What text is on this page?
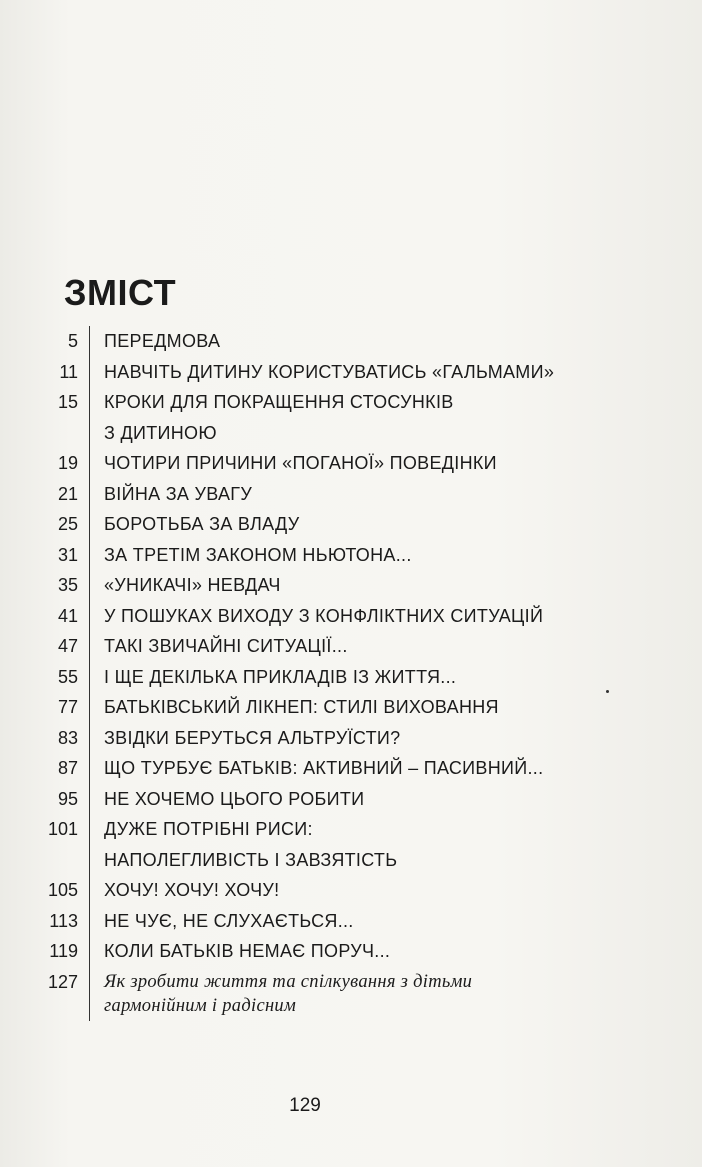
ЗМІСТ
5	ПЕРЕДМОВА
11	НАВЧІТЬ ДИТИНУ КОРИСТУВАТИСЬ «ГАЛЬМАМИ»
15	КРОКИ ДЛЯ ПОКРАЩЕННЯ СТОСУНКІВ
З ДИТИНОЮ
19	ЧОТИРИ ПРИЧИНИ «ПОГАНОЇ» ПОВЕДІНКИ
21	ВІЙНА ЗА УВАГУ
25	БОРОТЬБА ЗА ВЛАДУ
31	ЗА ТРЕТІМ ЗАКОНОМ НЬЮТОНА...
35	«УНИКАЧІ» НЕВДАЧ
41	У ПОШУКАХ ВИХОДУ З КОНФЛІКТНИХ СИТУАЦІЙ
47	ТАКІ ЗВИЧАЙНІ СИТУАЦІЇ...
55	І ЩЕ ДЕКІЛЬКА ПРИКЛАДІВ ІЗ ЖИТТЯ...
77	БАТЬКІВСЬКИЙ ЛІКНЕП: СТИЛІ ВИХОВАННЯ
83	ЗВІДКИ БЕРУТЬСЯ АЛЬТРУЇСТИ?
87	ЩО ТУРБУЄ БАТЬКІВ: АКТИВНИЙ – ПАСИВНИЙ...
95	НЕ ХОЧЕМО ЦЬОГО РОБИТИ
101	ДУЖЕ ПОТРІБНІ РИСИ:
НАПОЛЕГЛИВІСТЬ І ЗАВЗЯТІСТЬ
105	ХОЧУ! ХОЧУ! ХОЧУ!
113	НЕ ЧУЄ, НЕ СЛУХАЄТЬСЯ...
119	КОЛИ БАТЬКІВ НЕМАЄ ПОРУЧ...
127	Як зробити життя та спілкування з дітьми
гармонійним і радісним
129
